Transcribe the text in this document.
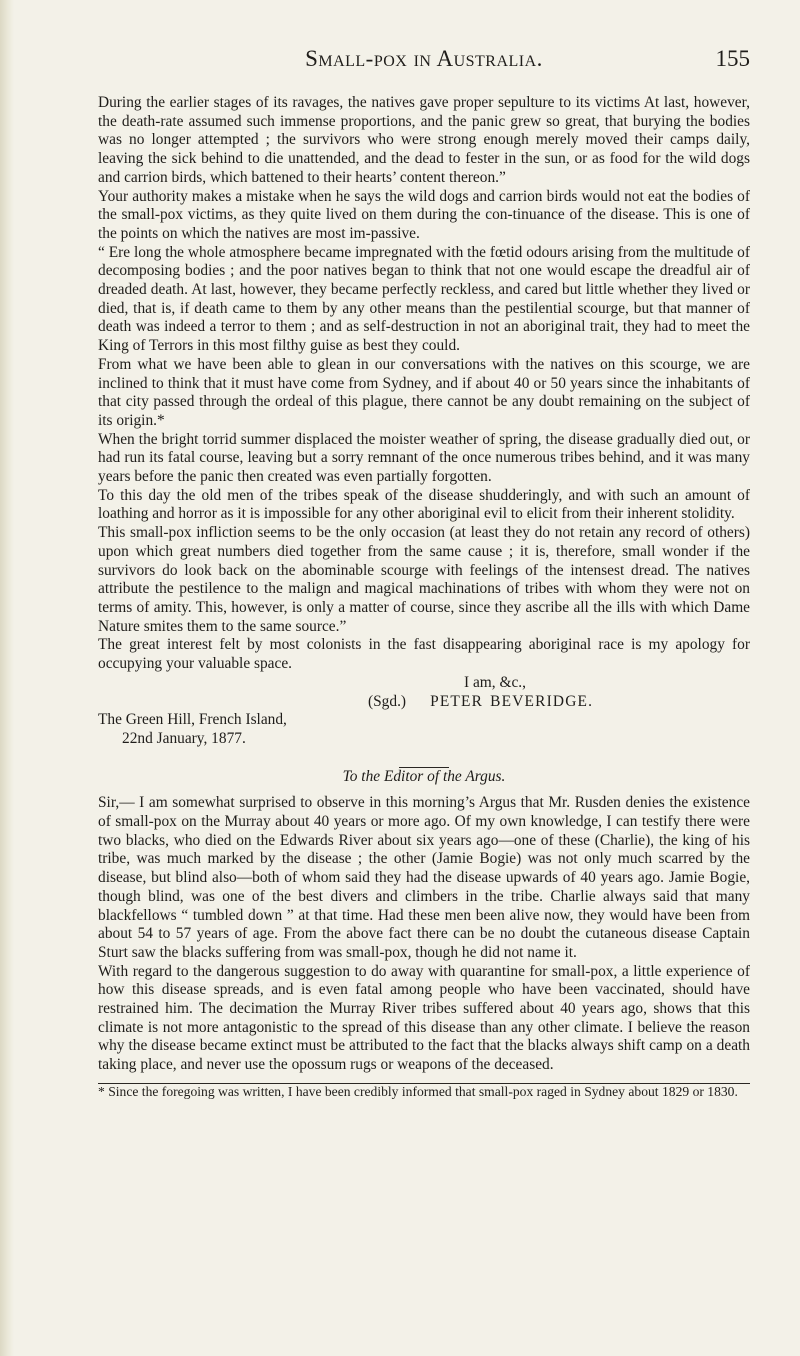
Small-pox in Australia.	155

During the earlier stages of its ravages, the natives gave proper sepulture to its victims At last, however, the death-rate assumed such immense proportions, and the panic grew so great, that burying the bodies was no longer attempted ; the survivors who were strong enough merely moved their camps daily, leaving the sick behind to die unattended, and the dead to fester in the sun, or as food for the wild dogs and carrion birds, which battened to their hearts’ content thereon.”

Your authority makes a mistake when he says the wild dogs and carrion birds would not eat the bodies of the small-pox victims, as they quite lived on them during the con-tinuance of the disease. This is one of the points on which the natives are most im-passive.

“ Ere long the whole atmosphere became impregnated with the fœtid odours arising from the multitude of decomposing bodies ; and the poor natives began to think that not one would escape the dreadful air of dreaded death. At last, however, they became perfectly reckless, and cared but little whether they lived or died, that is, if death came to them by any other means than the pestilential scourge, but that manner of death was indeed a terror to them ; and as self-destruction in not an aboriginal trait, they had to meet the King of Terrors in this most filthy guise as best they could.

From what we have been able to glean in our conversations with the natives on this scourge, we are inclined to think that it must have come from Sydney, and if about 40 or 50 years since the inhabitants of that city passed through the ordeal of this plague, there cannot be any doubt remaining on the subject of its origin.*

When the bright torrid summer displaced the moister weather of spring, the disease gradually died out, or had run its fatal course, leaving but a sorry remnant of the once numerous tribes behind, and it was many years before the panic then created was even partially forgotten.

To this day the old men of the tribes speak of the disease shudderingly, and with such an amount of loathing and horror as it is impossible for any other aboriginal evil to elicit from their inherent stolidity.

This small-pox infliction seems to be the only occasion (at least they do not retain any record of others) upon which great numbers died together from the same cause ; it is, therefore, small wonder if the survivors do look back on the abominable scourge with feelings of the intensest dread. The natives attribute the pestilence to the malign and magical machinations of tribes with whom they were not on terms of amity. This, however, is only a matter of course, since they ascribe all the ills with which Dame Nature smites them to the same source.”

The great interest felt by most colonists in the fast disappearing aboriginal race is my apology for occupying your valuable space.

I am, &c.,

(Sgd.) PETER BEVERIDGE.

The Green Hill, French Island,

22nd January, 1877.

To the Editor of the Argus.

Sir,— I am somewhat surprised to observe in this morning’s Argus that Mr. Rusden denies the existence of small-pox on the Murray about 40 years or more ago. Of my own knowledge, I can testify there were two blacks, who died on the Edwards River about six years ago—one of these (Charlie), the king of his tribe, was much marked by the disease ; the other (Jamie Bogie) was not only much scarred by the disease, but blind also—both of whom said they had the disease upwards of 40 years ago. Jamie Bogie, though blind, was one of the best divers and climbers in the tribe. Charlie always said that many blackfellows “ tumbled down ” at that time. Had these men been alive now, they would have been from about 54 to 57 years of age. From the above fact there can be no doubt the cutaneous disease Captain Sturt saw the blacks suffering from was small-pox, though he did not name it.

With regard to the dangerous suggestion to do away with quarantine for small-pox, a little experience of how this disease spreads, and is even fatal among people who have been vaccinated, should have restrained him. The decimation the Murray River tribes suffered about 40 years ago, shows that this climate is not more antagonistic to the spread of this disease than any other climate. I believe the reason why the disease became extinct must be attributed to the fact that the blacks always shift camp on a death taking place, and never use the opossum rugs or weapons of the deceased.

* Since the foregoing was written, I have been credibly informed that small-pox raged in Sydney about 1829 or 1830.
